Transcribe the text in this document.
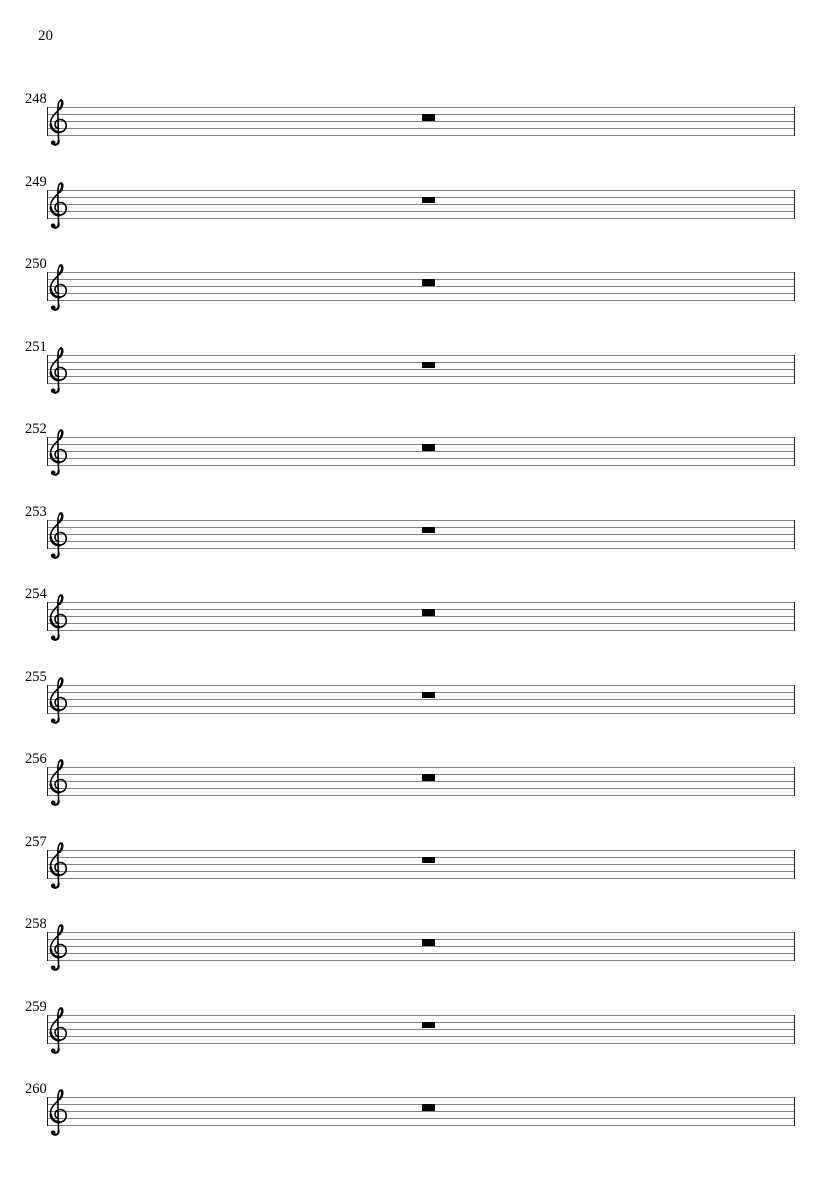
20
248
249
250
251
252
253
254
255
256
257
258
259
260
